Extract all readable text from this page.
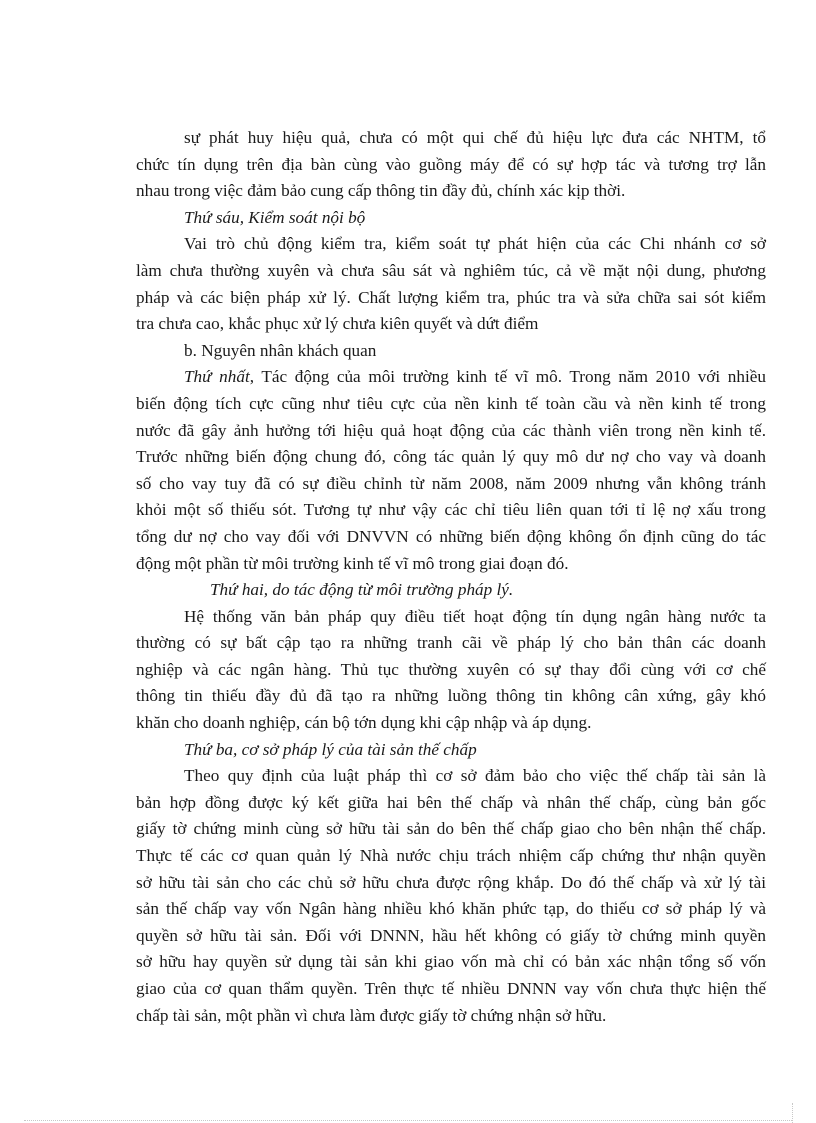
sự phát huy hiệu quả, chưa có một qui chế đủ hiệu lực đưa các NHTM, tổ
chức tín dụng trên địa bàn cùng vào guồng máy để có sự hợp tác và tương trợ lẫn
nhau trong việc đảm bảo cung cấp thông tin đầy đủ, chính xác kịp thời.
Thứ sáu, Kiểm soát nội bộ
Vai trò chủ động kiểm tra, kiểm soát tự phát hiện của các Chi nhánh cơ sở
làm chưa thường xuyên và chưa sâu sát và nghiêm túc, cả về mặt nội dung, phương
pháp và các biện pháp xử lý. Chất lượng kiểm tra, phúc tra và sửa chữa sai sót kiểm
tra chưa cao, khắc phục xử lý chưa kiên quyết và dứt điểm
b. Nguyên nhân khách quan
Thứ nhất, Tác động của môi trường kinh tế vĩ mô. Trong năm 2010 với nhiều
biến động tích cực cũng như tiêu cực của nền kinh tế toàn cầu và nền kinh tế trong
nước đã gây ảnh hưởng tới hiệu quả hoạt động của các thành viên trong nền kinh tế.
Trước những biến động chung đó, công tác quản lý quy mô dư nợ cho vay và doanh
số cho vay tuy đã có sự điều chỉnh từ năm 2008, năm 2009 nhưng vẫn không tránh
khỏi một số thiếu sót. Tương tự như vậy các chỉ tiêu liên quan tới tỉ lệ nợ xấu trong
tổng dư nợ cho vay đối với DNVVN có những biến động không ổn định cũng do tác
động một phần từ môi trường kinh tế vĩ mô trong giai đoạn đó.
Thứ hai, do tác động từ môi trường pháp lý.
Hệ thống văn bản pháp quy điều tiết hoạt động tín dụng ngân hàng nước ta
thường có sự bất cập tạo ra những tranh cãi về pháp lý cho bản thân các doanh
nghiệp và các ngân hàng. Thủ tục thường xuyên có sự thay đổi cùng với cơ chế
thông tin thiếu đầy đủ đã tạo ra những luồng thông tin không cân xứng, gây khó
khăn cho doanh nghiệp, cán bộ tớn dụng khi cập nhập và áp dụng.
Thứ ba, cơ sở pháp lý của tài sản thế chấp
Theo quy định của luật pháp thì cơ sở đảm bảo cho việc thế chấp tài sản là
bản hợp đồng được ký kết giữa hai bên thế chấp và nhân thế chấp, cùng bản gốc
giấy tờ chứng minh cùng sở hữu tài sản do bên thế chấp giao cho bên nhận thế chấp.
Thực tế các cơ quan quản lý Nhà nước chịu trách nhiệm cấp chứng thư nhận quyền
sở hữu tài sản cho các chủ sở hữu chưa được rộng khắp. Do đó thế chấp và xử lý tài
sản thế chấp vay vốn Ngân hàng nhiều khó khăn phức tạp, do thiếu cơ sở pháp lý và
quyền sở hữu tài sản. Đối với DNNN, hầu hết không có giấy tờ chứng minh quyền
sở hữu hay quyền sử dụng tài sản khi giao vốn mà chỉ có bản xác nhận tổng số vốn
giao của cơ quan thẩm quyền. Trên thực tế nhiều DNNN vay vốn chưa thực hiện thế
chấp tài sản, một phần vì chưa làm được giấy tờ chứng nhận sở hữu.
